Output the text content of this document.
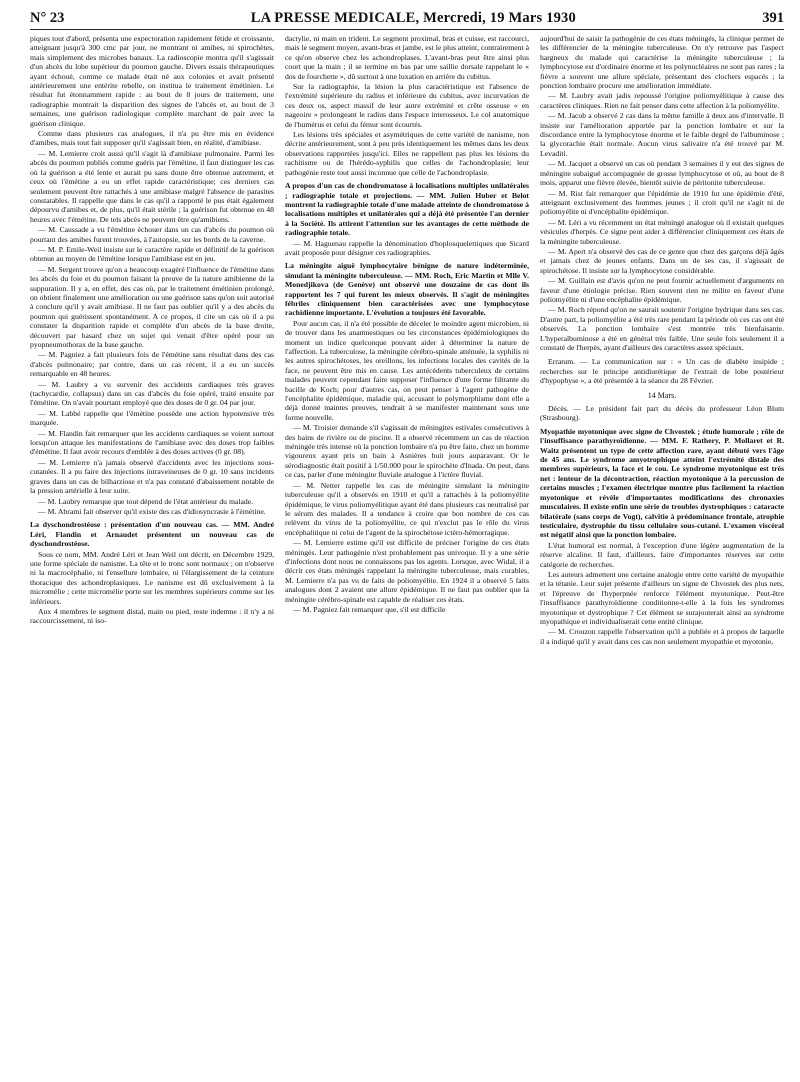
N° 23	LA PRESSE MEDICALE, Mercredi, 19 Mars 1930	391

piques tout d'abord, présenta une expectoration rapidement fétide et croissante, atteignant jusqu'à 300 cmc par jour, ne montrant ni amibes, ni spirochètes, mais simplement des microbes banaux. La radioscopie montra qu'il s'agissait d'un abcès du lobe supérieur du poumon gauche. Divers essais thérapeutiques ayant échoué, comme ce malade était né aux colonies et avait présenté antérieurement une entérite rebelle, on institua le traitement émétinien. Le résultat fut étonnamment rapide : au bout de 8 jours de traitement, une radiographie montrait la disparition des signes de l'abcès et, au bout de 3 semaines, une guérison radiologique complète marchant de pair avec la guérison clinique.

Comme dans plusieurs cas analogues, il n'a pu être mis en évidence d'amibes, mais tout fait supposer qu'il s'agissait bien, en réalité, d'amibiase.

— M. Lemierre croit aussi qu'il s'agit là d'amibiase pulmonaire. Parmi les abcès du poumon publiés comme guéris par l'émétine, il faut distinguer les cas où la guérison a été lente et aurait pu sans doute être obtenue autrement, et ceux où l'émétine a eu un effet rapide caractéristique; ces derniers cas seulement peuvent être rattachés à une amibiase malgré l'absence de parasites constatables. Il rappelle que dans le cas qu'il a rapporté le pus était également dépourvu d'amibes et, de plus, qu'il était stérile ; la guérison fut obtenue en 48 heures avec l'émétine. De tels abcès ne peuvent être qu'amibiens.

— M. Caussade a vu l'émétine échouer dans un cas d'abcès du poumon où pourtant des amibes furent trouvées, à l'autopsie, sur les bords de la caverne.

— M. P. Emile-Weil insiste sur le caractère rapide et définitif de la guérison obtenue au moyen de l'émétine lorsque l'amibiase est en jeu.

— M. Sergent trouve qu'on a beaucoup exagéré l'influence de l'émétine dans les abcès du foie et du poumon faisant la preuve de la nature amibienne de la suppuration. Il y a, en effet, des cas où, par le traitement émétinien prolongé, on obtient finalement une amélioration ou une guérison sans qu'on soit autorisé à conclure qu'il y avait amibiase. Il ne faut pas oublier qu'il y a des abcès du poumon qui guérissent spontanément. A ce propos, il cite un cas où il a pu constater la disparition rapide et complète d'un abcès de la base droite, découvert par hasard chez un sujet qui venait d'être opéré pour un pyopneumothorax de la base gauche.

— M. Pagniez a fait plusieurs fois de l'émétine sans résultat dans des cas d'abcès pulmonaire; par contre, dans un cas récent, il a eu un succès remarquable en 48 heures.

— M. Laubry a vu survenir des accidents cardiaques très graves (tachycardie, collapsus) dans un cas d'abcès du foie opéré, traité ensuite par l'émétine. On n'avait pourtant employé que des doses de 0 gr. 04 par jour.

— M. Labbé rappelle que l'émétine possède une action hypotensive très marquée.

— M. Flandin fait remarquer que les accidents cardiaques se voient surtout lorsqu'on attaque les manifestations de l'amibiase avec des doses trop faibles d'émétine. Il faut avoir recours d'emblée à des doses actives (0 gr. 08).

— M. Lemierre n'a jamais observé d'accidents avec les injections sous-cutanées. Il a pu faire des injections intraveineuses de 0 gr. 10 sans incidents graves dans un cas de bilharziose et n'a pas constaté d'abaissement notable de la pression artérielle à leur suite.

— M. Laubry remarque que tout dépend de l'état antérieur du malade.

— M. Abrami fait observer qu'il existe des cas d'idiosyncrasie à l'émétine.

La dyschondrostéose : présentation d'un nouveau cas. — MM. André Léri, Flandin et Arnaudet présentent un nouveau cas de dyschondrostéose.

Sous ce nom, MM. André Léri et Jean Weil ont décrit, en Décembre 1929, une forme spéciale de nanisme. La tête et le tronc sont normaux ; on n'observe ni la macrocéphalie, ni l'ensellure lombaire, ni l'élargissement de la ceinture thoracique des achondroplasiques. Le nanisme est dû exclusivement à la micromélie ; cette micromélie porte sur les membres supérieurs comme sur les inférieurs.

Aux 4 membres le segment distal, main ou pied, reste indemne : il n'y a ni raccourcissement, ni iso-

dactylie, ni main en trident. Le segment proximal, bras et cuisse, est raccourci, mais le segment moyen, avant-bras et jambe, est le plus atteint, contrairement à ce qu'on observe chez les achondroplases. L'avant-bras peut être ainsi plus court que la main ; il se termine en bas par une saillie dorsale rappelant le « dos de fourchette », dû surtout à une luxation en arrière du cubitus.

Sur la radiographie, la lésion la plus caractéristique est l'absence de l'extrémité supérieure du radius et inférieure du cubitus, avec incurvation de ces deux os, aspect massif de leur autre extrémité et crête osseuse « en nageoire » prolongeant le radius dans l'espace interosseux. Le col anatomique de l'humérus et celui du fémur sont écourtés.

Les lésions très spéciales et asymétriques de cette variété de nanisme, non décrite antérieurement, sont à peu près identiquement les mêmes dans les deux observations rapportées jusqu'ici. Elles ne rappellent pas plus les lésions du rachitisme ou de l'hérédo-syphilis que celles de l'achondroplasie; leur pathogénie reste tout aussi inconnue que celle de l'achondroplasie.

A propos d'un cas de chondromatose à localisations multiples unilatérales ; radiographie totale et projections. — MM. Julien Huber et Belot montrent la radiographie totale d'une malade atteinte de chondromatose à localisations multiples et unilatérales qui a déjà été présentée l'an dernier à la Société. Ils attirent l'attention sur les avantages de cette méthode de radiographie totale.

— M. Haguenau rappelle la dénomination d'hoplosquelettiques que Sicard avait proposée pour désigner ces radiographies.

La méningite aiguë lymphocytaire bénigne de nature indéterminée, simulant la méningite tuberculeuse. — MM. Roch, Eric Martin et Mlle V. Monedjikova (de Genève) ont observé une douzaine de cas dont ils rapportent les 7 qui furent les mieux observés. Il s'agit de méningites fébriles cliniquement bien caractérisées avec une lymphocytose rachidienne importante. L'évolution a toujours été favorable.

Pour aucun cas, il n'a été possible de déceler le moindre agent microbien, ni de trouver dans les anamnestiques ou les circonstances épidémiologiques du moment un indice quelconque pouvant aider à déterminer la nature de l'affection. La tuberculose, la méningite cérébro-spinale atténuée, la syphilis ni les autres spirochétoses, les oreillons, les infections locales des cavités de la face, ne peuvent être mis en cause. Les antécédents tuberculeux de certains malades peuvent cependant faire supposer l'influence d'une forme filtrante du bacille de Koch; pour d'autres cas, on peut penser à l'agent pathogène de l'encéphalite épidémique, maladie qui, accusant le polymorphisme dont elle a déjà donné maintes preuves, tendrait à se manifester maintenant sous une forme nouvelle.

— M. Troisier demande s'il s'agissait de méningites estivales consécutives à des bains de rivière ou de piscine. Il a observé récemment un cas de réaction méningée très intense où la ponction lombaire n'a pu être faite, chez un homme vigoureux ayant pris un bain à Asnières huit jours auparavant. Or le sérodiagnostic était positif à 1/50.000 pour le spirochète d'Inada. On peut, dans ce cas, parler d'une méningite fluviale analogue à l'ictère fluvial.

— M. Netter rappelle les cas de méningite simulant la méningite tuberculeuse qu'il a observés en 1910 et qu'il a rattachés à la poliomyélite épidémique, le virus poliomyélitique ayant été dans plusieurs cas neutralisé par le sérum des malades. Il a tendance à croire que bon nombre de ces cas relèvent du virus de la poliomyélite, ce qui n'exclut pas le rôle du virus encéphalitique ni celui de l'agent de la spirochétose ictéro-hémorragique.

— M. Lemierre estime qu'il est difficile de préciser l'origine de ces états méningés. Leur pathogénie n'est probablement pas univoque. Il y a une série d'infections dont nous ne connaissons pas les agents. Lorsque, avec Widal, il a décrit ces états méningés rappelant la méningite tuberculeuse, mais curables, M. Lemierre n'a pas vu de faits de poliomyélite. En 1924 il a observé 5 faits analogues dont 2 avaient une allure épidémique. Il ne faut pas oublier que la méningite cérébro-spinale est capable de réaliser ces états.

— M. Pagniez fait remarquer que, s'il est difficile

aujourd'hui de saisir la pathogénie de ces états méningés, la clinique permet de les différencier de la méningite tuberculeuse. On n'y retrouve pas l'aspect hargneux du malade qui caractérise la méningite tuberculeuse ; la lymphocytose est d'ordinaire énorme et les polynucléaires ne sont pas rares ; la fièvre a souvent une allure spéciale, présentant des clochers espacés ; la ponction lombaire procure une amélioration immédiate.

— M. Laubry avait jadis repoussé l'origine poliomyélitique à cause des caractères cliniques. Rien ne fait penser dans cette affection à la poliomyélite.

— M. Jacob a observé 2 cas dans la même famille à deux ans d'intervalle. Il insiste sur l'amélioration apportée par la ponction lombaire et sur la discordance entre la lymphocytose énorme et le faible degré de l'albuminose ; la glycorachie était normale. Aucun virus salivaire n'a été trouvé par M. Levaditi.

— M. Jacquet a observé un cas où pendant 3 semaines il y eut des signes de méningite subaiguë accompagnée de grosse lymphocytose et où, au bout de 8 mois, apparut une fièvre élevée, bientôt suivie de péritonite tuberculeuse.

— M. Rist fait remarquer que l'épidémie de 1910 fut une épidémie d'été, atteignant exclusivement des hommes jeunes ; il croit qu'il ne s'agit ni de poliomyélite ni d'encéphalite épidémique.

— M. Léri a vu récemment un état méningé analogue où il existait quelques vésicules d'herpès. Ce signe peut aider à différencier cliniquement ces états de la méningite tuberculeuse.

— M. Apert n'a observé des cas de ce genre que chez des garçons déjà âgés et jamais chez de jeunes enfants. Dans un de ses cas, il s'agissait de spirochétose. Il insiste sur la lymphocytose considérable.

— M. Guillain est d'avis qu'on ne peut fournir actuellement d'arguments en faveur d'une étiologie précise. Rien souvent rien ne milite en faveur d'une poliomyélite ni d'une encéphalite épidémique.

— M. Roch répond qu'on ne saurait soutenir l'origine hydrique dans ses cas. D'autre part, la poliomyélite a été très rare pendant la période où ces cas ont été observés. La ponction lombaire s'est montrée très bienfaisante. L'hyperalbuminose a été en général très faible. Une seule fois seulement il a constaté de l'herpès, ayant d'ailleurs des caractères assez spéciaux.

Erratum. — La communication sur : « Un cas de diabète insipide ; recherches sur le principe antidiurétique de l'extrait de lobe postérieur d'hypophyse », a été présentée à la séance du 28 Février.

14 Mars.

Décès. — Le président fait part du décès du professeur Léon Blum (Strasbourg).

Myopathie myotonique avec signe de Chvostek ; étude humorale ; rôle de l'insuffisance parathyroïdienne. — MM. F. Rathery, P. Mollaret et R. Waitz présentent un type de cette affection rare, ayant débuté vers l'âge de 45 ans. Le syndrome amyotrophique atteint l'extrémité distale des membres supérieurs, la face et le cou. Le syndrome myotonique est très net : lenteur de la décontraction, réaction myotonique à la percussion de certains muscles ; l'examen électrique montre plus facilement la réaction myotonique et révèle d'importantes modifications des chronaxies musculaires. Il existe enfin une série de troubles dystrophiques : cataracte bilatérale (sans corps de Vogt), calvitie à prédominance frontale, atrophie testiculaire, dystrophie du tissu cellulaire sous-cutané. L'examen viscéral est négatif ainsi que la ponction lombaire.

L'état humoral est normal, à l'exception d'une légère augmentation de la réserve alcaline. Il faut, d'ailleurs, faire d'importantes réserves sur cette catégorie de recherches.

Les auteurs admettent une certaine analogie entre cette variété de myopathie et la tétanie. Leur sujet présente d'ailleurs un signe de Chvostek des plus nets, et l'épreuve de l'hyperpnée renforce l'élément myotonique. Peut-être l'insuffisance parathyroïdienne conditionne-t-elle à la fois les syndromes myotonique et dystrophique ? Cet élément se surajouterait ainsi au syndrome myopathique et individualiserait cette entité clinique.

— M. Crouzon rappelle l'observation qu'il a publiée et à propos de laquelle il a indiqué qu'il y avait dans ces cas non seulement myopathie et myotonie,
